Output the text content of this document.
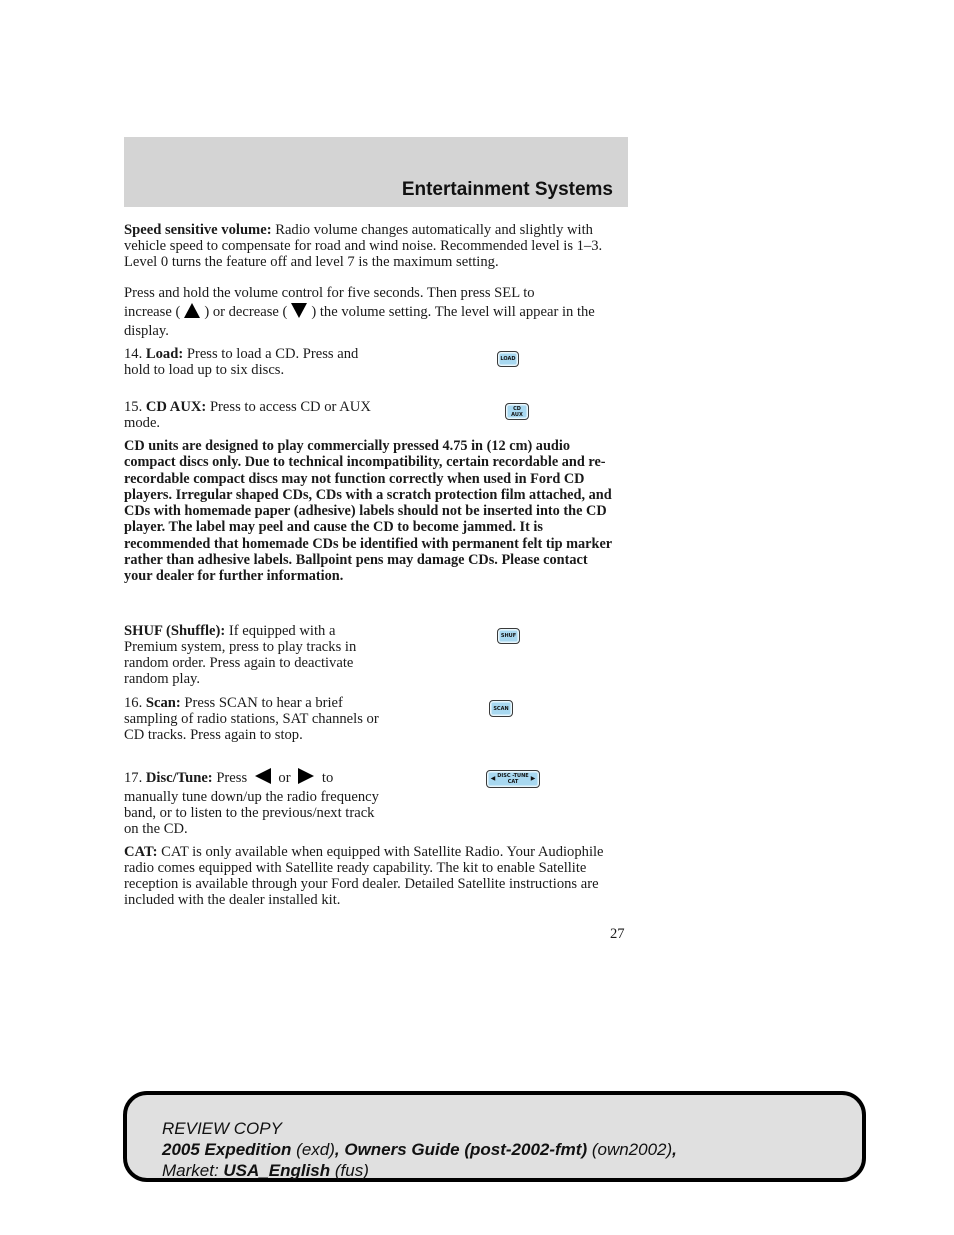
Entertainment Systems
Speed sensitive volume: Radio volume changes automatically and slightly with vehicle speed to compensate for road and wind noise. Recommended level is 1–3. Level 0 turns the feature off and level 7 is the maximum setting.
Press and hold the volume control for five seconds. Then press SEL to
increase ( ) or decrease ( ) the volume setting. The level will appear in the display.
14. Load: Press to load a CD. Press and hold to load up to six discs.
LOAD
15. CD AUX: Press to access CD or AUX mode.
CD
AUX
CD units are designed to play commercially pressed 4.75 in (12 cm) audio compact discs only. Due to technical incompatibility, certain recordable and re-recordable compact discs may not function correctly when used in Ford CD players. Irregular shaped CDs, CDs with a scratch protection film attached, and CDs with homemade paper (adhesive) labels should not be inserted into the CD player. The label may peel and cause the CD to become jammed. It is recommended that homemade CDs be identified with permanent felt tip marker rather than adhesive labels. Ballpoint pens may damage CDs. Please contact your dealer for further information.
SHUF (Shuffle): If equipped with a Premium system, press to play tracks in random order. Press again to deactivate random play.
SHUF
16. Scan: Press SCAN to hear a brief sampling of radio stations, SAT channels or CD tracks. Press again to stop.
SCAN
17. Disc/Tune: Press  or  to
manually tune down/up the radio frequency band, or to listen to the previous/next track on the CD.
◀ DISC -TUNE
CAT	▶
CAT: CAT is only available when equipped with Satellite Radio. Your Audiophile radio comes equipped with Satellite ready capability. The kit to enable Satellite reception is available through your Ford dealer. Detailed Satellite instructions are included with the dealer installed kit.
27
REVIEW COPY
2005 Expedition (exd), Owners Guide (post-2002-fmt) (own2002),
Market: USA_English (fus)
